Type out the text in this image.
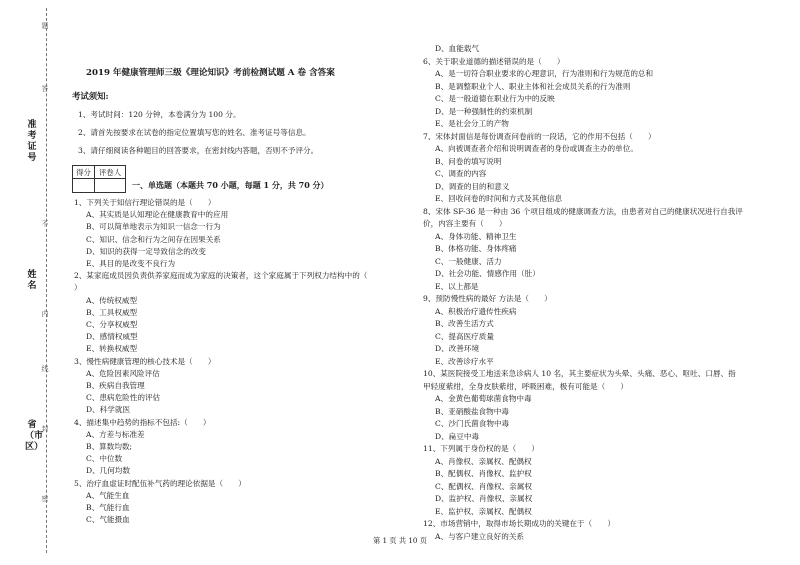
准考证号
姓名
省（市区）
题
答
不
内
线
封
密
2019 年健康管理师三级《理论知识》考前检测试题 A 卷 含答案
考试须知:
1、考试时间：120 分钟，本卷满分为 100 分。
2、请首先按要求在试卷的指定位置填写您的姓名、准考证号等信息。
3、请仔细阅读各种题目的回答要求，在密封线内答题，否则不予评分。
得分	评卷人
一、单选题（本题共 70 小题，每题 1 分，共 70 分）
1、下列关于知信行理论错误的是（　　）
A、其实质是认知理论在健康教育中的应用
B、可以简单地表示为知识一信念一行为
C、知识、信念和行为之间存在因果关系
D、知识的获得一定导致信念的改变
E、具目的是改变不良行为
2、某家庭成员因负责供养家庭而成为家庭的决策者，这个家庭属于下列权力结构中的（
）
A、传统权威型
B、工具权威型
C、分享权威型
D、感情权威型
E、转换权威型
3、慢性病健康管理的核心技术是（　　）
A、危险因素风险评估
B、疾病自我管理
C、患病危险性的评估
D、科学就医
4、描述集中趋势的指标不包括:（　　）
A、方差与标准差
B、算数均数;
C、中位数
D、几何均数
5、治疗血虚证时配伍补气药的理论依据是（　　）
A、气能生血
B、气能行血
C、气能摄血
D、血能载气
6、关于职业道德的描述错误的是（　　）
A、是一切符合职业要求的心理意识，行为准则和行为规范的总和
B、是调整职业个人、职业主体和社会成员关系的行为准则
C、是一般道德在职业行为中的反映
D、是一种强制性的约束机制
E、是社会分工的产物
7、宋体封面信是每份调查问卷前的一段话，它的作用不包括（　　）
A、向被调查者介绍和说明调查者的身份或调查主办的单位。
B、问卷的填写说明
C、调查的内容
D、调查的目的和意义
E、回收问卷的时间和方式及其他信息
8、宋体 SF-36 是一种由 36 个项目组成的健康调查方法，由患者对自己的健康状况进行自我评
价，内容主要有（　　）
A、身体功能、精神卫生
B、体格功能、身体疼痛
C、一般健康、活力
D、社会功能、情感作用（肚）
E、以上都是
9、预防慢性病的最好 方法是（　　）
A、积极治疗遗传性疾病
B、改善生活方式
C、提高医疗质量
D、改善环境
E、改善诊疗水平
10、某医院接受工地送来急诊病人 10 名，其主要症状为头晕、头痛、恶心、呕吐、口唇、指
甲轻度紫绀，全身皮肤紫绀，呼吸困难，极有可能是（　　）
A、金黄色葡萄球菌食物中毒
B、亚硝酸盐食物中毒
C、沙门氏菌食物中毒
D、扁豆中毒
11、下列属于身份权的是（　　）
A、肖像权、亲属权、配偶权
B、配偶权、肖像权、监护权
C、配偶权、肖像权、亲属权
D、监护权、肖像权、亲属权
E、监护权、亲属权、配偶权
12、市场营销中，取得市场长期成功的关键在于（　　）
A、与客户建立良好的关系
第 1 页 共 10 页
